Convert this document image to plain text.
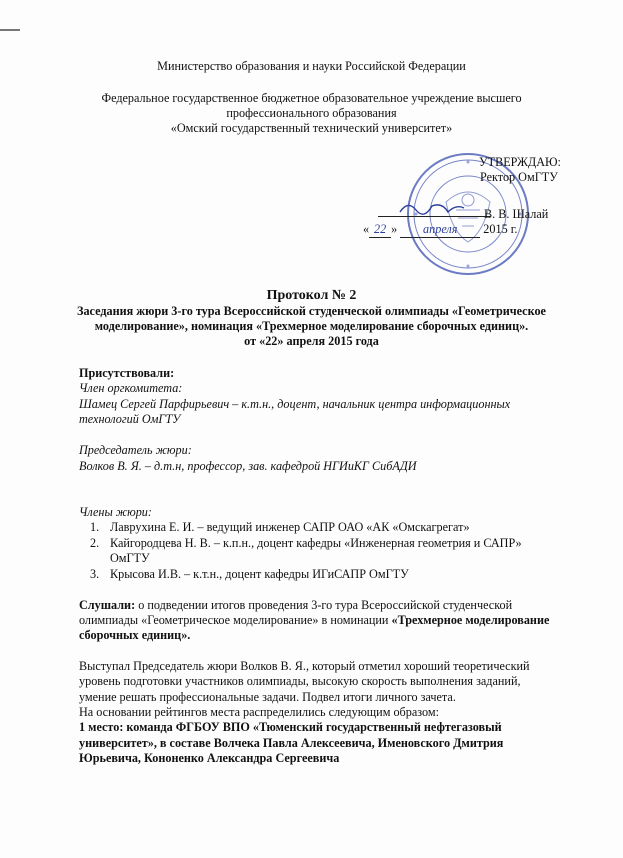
Министерство образования и науки Российской Федерации
Федеральное государственное бюджетное образовательное учреждение высшего
профессионального образования
«Омский государственный технический университет»
УТВЕРЖДАЮ:
Ректор ОмГТУ
В. В. Шалай
« 22 » апреля 2015 г.
Протокол № 2
Заседания жюри 3-го тура Всероссийской студенческой олимпиады «Геометрическое
моделирование», номинация «Трехмерное моделирование сборочных единиц».
от «22» апреля 2015 года
Присутствовали:
Член оргкомитета:
Шамец Сергей Парфирьевич – к.т.н., доцент, начальник центра информационных
технологий ОмГТУ
Председатель жюри:
Волков В. Я. – д.т.н, профессор, зав. кафедрой НГИиКГ СибАДИ
Члены жюри:
1. Лаврухина Е. И. – ведущий инженер САПР ОАО «АК «Омскагрегат»
2. Кайгородцева Н. В. – к.п.н., доцент кафедры «Инженерная геометрия и САПР»
ОмГТУ
3. Крысова И.В. – к.т.н., доцент кафедры ИГиСАПР ОмГТУ
Слушали: о подведении итогов проведения 3-го тура Всероссийской студенческой
олимпиады «Геометрическое моделирование» в номинации «Трехмерное моделирование
сборочных единиц».
Выступал Председатель жюри Волков В. Я., который отметил хороший теоретический
уровень подготовки участников олимпиады, высокую скорость выполнения заданий,
умение решать профессиональные задачи. Подвел итоги личного зачета.
На основании рейтингов места распределились следующим образом:
1 место: команда ФГБОУ ВПО «Тюменский государственный нефтегазовый
университет», в составе Волчека Павла Алексеевича, Имeновского Дмитрия
Юрьевича, Кононенко Александра Сергеевича
